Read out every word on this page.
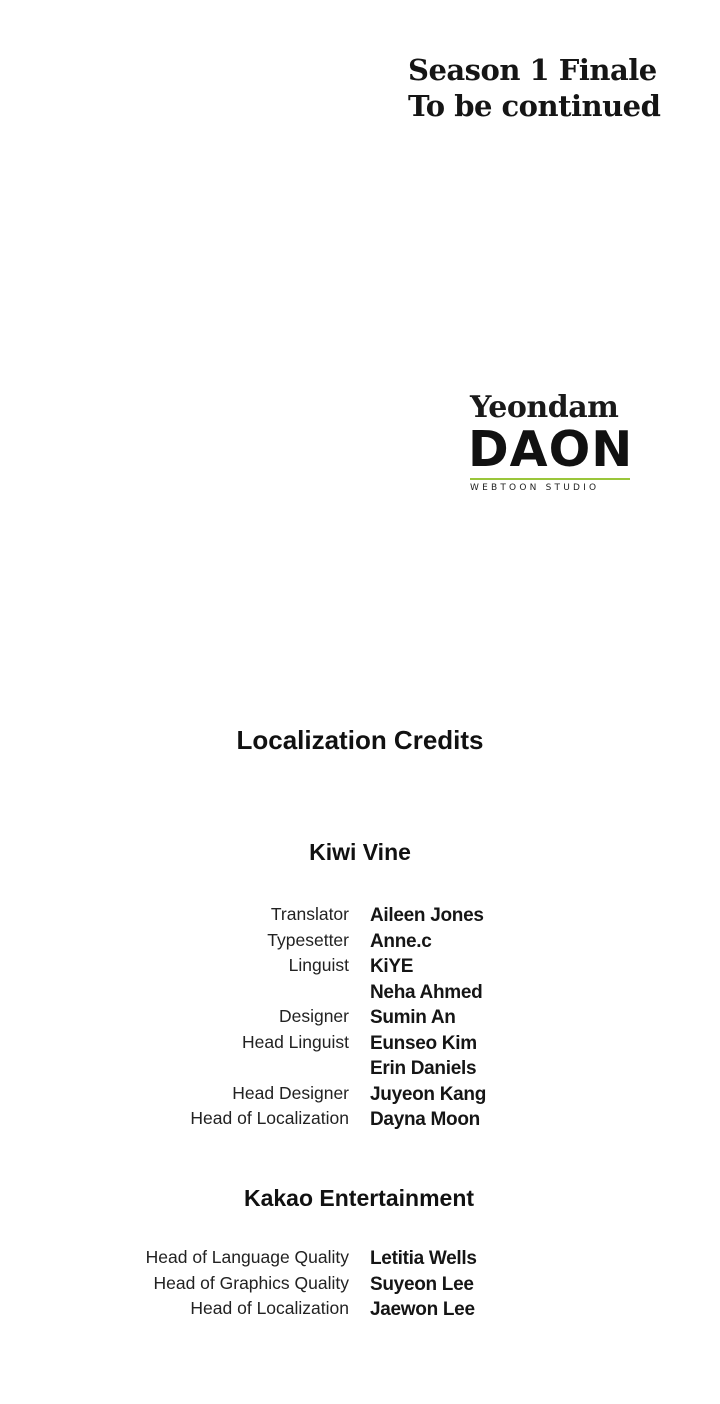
Season 1 Finale
To be continued
Yeondam
DAON
WEBTOON STUDIO
Localization Credits
Kiwi Vine
Translator Aileen Jones
Typesetter Anne.c
Linguist KiYE
Neha Ahmed
Designer Sumin An
Head Linguist Eunseo Kim
Erin Daniels
Head Designer Juyeon Kang
Head of Localization Dayna Moon
Kakao Entertainment
Head of Language Quality Letitia Wells
Head of Graphics Quality Suyeon Lee
Head of Localization Jaewon Lee
